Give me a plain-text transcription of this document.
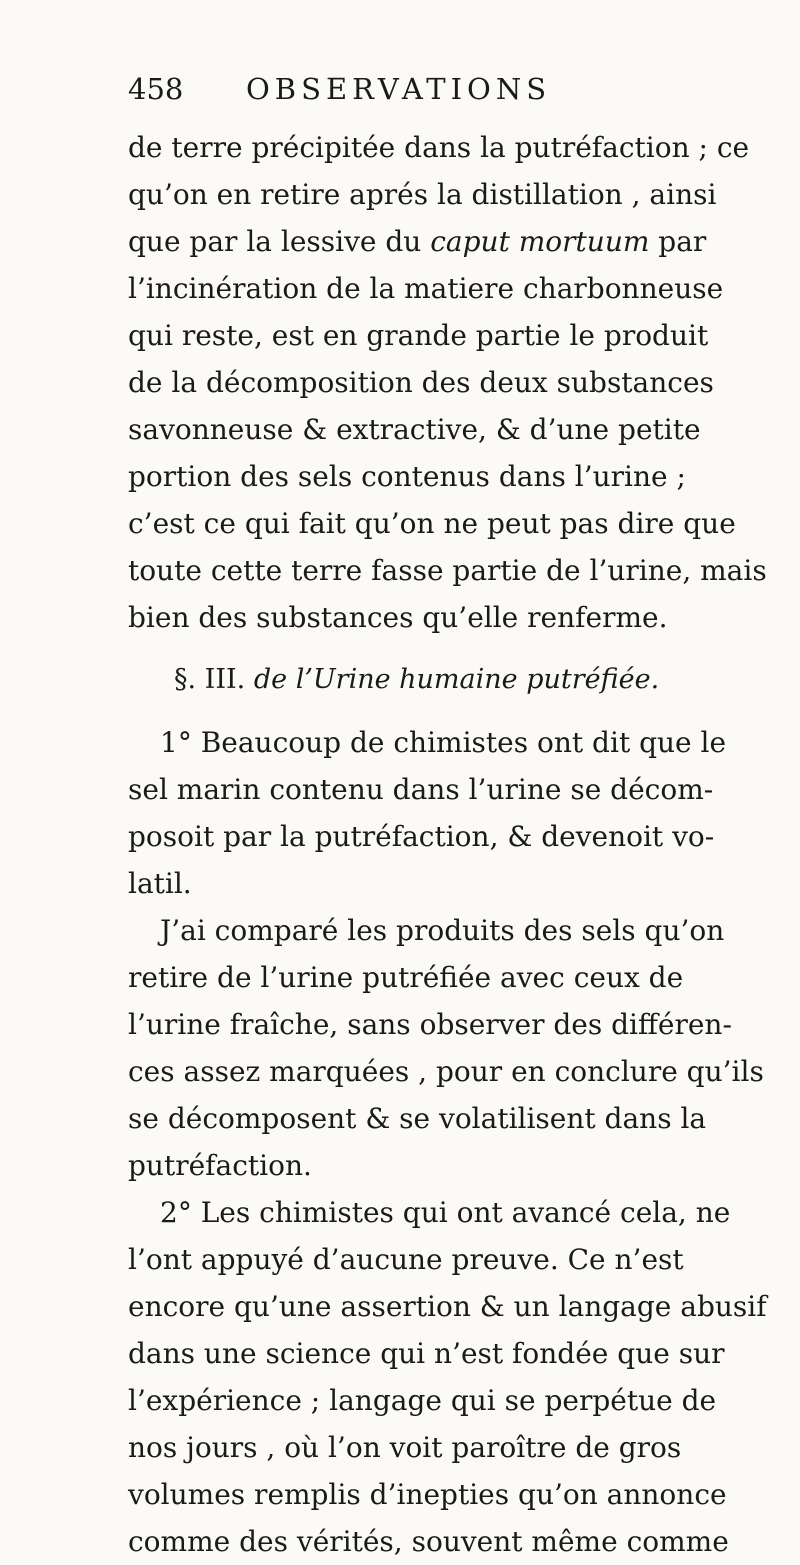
458 OBSERVATIONS
de terre précipitée dans la putréfaction ; ce
qu’on en retire aprés la distillation , ainsi
que par la lessive du caput mortuum par
l’incinération de la matiere charbonneuse
qui reste, est en grande partie le produit
de la décomposition des deux substances
savonneuse & extractive, & d’une petite
portion des sels contenus dans l’urine ;
c’est ce qui fait qu’on ne peut pas dire que
toute cette terre fasse partie de l’urine, mais
bien des substances qu’elle renferme.
§. III. de l’Urine humaine putréfiée.
1° Beaucoup de chimistes ont dit que le
sel marin contenu dans l’urine se décom-
posoit par la putréfaction, & devenoit vo-
latil.
J’ai comparé les produits des sels qu’on
retire de l’urine putréfiée avec ceux de
l’urine fraîche, sans observer des différen-
ces assez marquées , pour en conclure qu’ils
se décomposent & se volatilisent dans la
putréfaction.
2° Les chimistes qui ont avancé cela, ne
l’ont appuyé d’aucune preuve. Ce n’est
encore qu’une assertion & un langage abusif
dans une science qui n’est fondée que sur
l’expérience ; langage qui se perpétue de
nos jours , où l’on voit paroître de gros
volumes remplis d’inepties qu’on annonce
comme des vérités, souvent même comme
